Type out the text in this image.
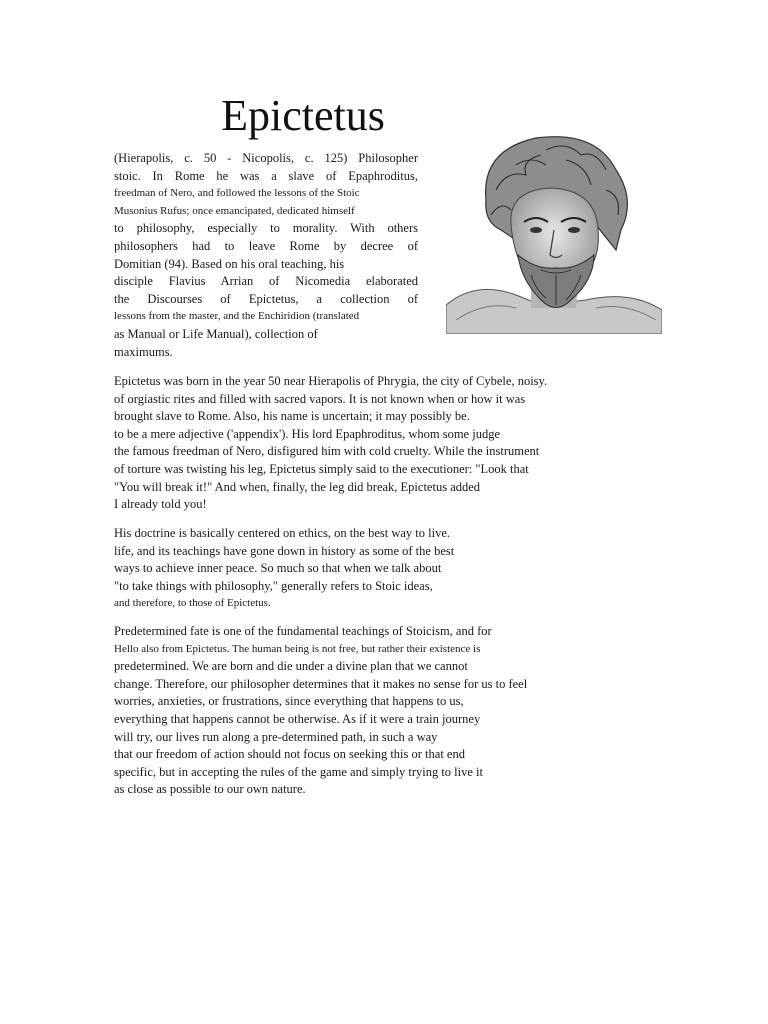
Epictetus
(Hierapolis, c. 50 - Nicopolis, c. 125) Philosopher
stoic. In Rome he was a slave of Epaphroditus,
freedman of Nero, and followed the lessons of the Stoic
Musonius Rufus; once emancipated, dedicated himself
to philosophy, especially to morality. With others
philosophers had to leave Rome by decree of
Domitian (94). Based on his oral teaching, his
disciple Flavius Arrian of Nicomedia elaborated
the Discourses of Epictetus, a collection of
lessons from the master, and the Enchiridion (translated
as Manual or Life Manual), collection of
maximums.
Epictetus was born in the year 50 near Hierapolis of Phrygia, the city of Cybele, noisy.
of orgiastic rites and filled with sacred vapors. It is not known when or how it was
brought slave to Rome. Also, his name is uncertain; it may possibly be.
to be a mere adjective ('appendix'). His lord Epaphroditus, whom some judge
the famous freedman of Nero, disfigured him with cold cruelty. While the instrument
of torture was twisting his leg, Epictetus simply said to the executioner: "Look that
"You will break it!" And when, finally, the leg did break, Epictetus added
I already told you!
His doctrine is basically centered on ethics, on the best way to live.
life, and its teachings have gone down in history as some of the best
ways to achieve inner peace. So much so that when we talk about
"to take things with philosophy," generally refers to Stoic ideas,
and therefore, to those of Epictetus.
Predetermined fate is one of the fundamental teachings of Stoicism, and for
Hello also from Epictetus. The human being is not free, but rather their existence is
predetermined. We are born and die under a divine plan that we cannot
change. Therefore, our philosopher determines that it makes no sense for us to feel
worries, anxieties, or frustrations, since everything that happens to us,
everything that happens cannot be otherwise. As if it were a train journey
will try, our lives run along a pre-determined path, in such a way
that our freedom of action should not focus on seeking this or that end
specific, but in accepting the rules of the game and simply trying to live it
as close as possible to our own nature.
